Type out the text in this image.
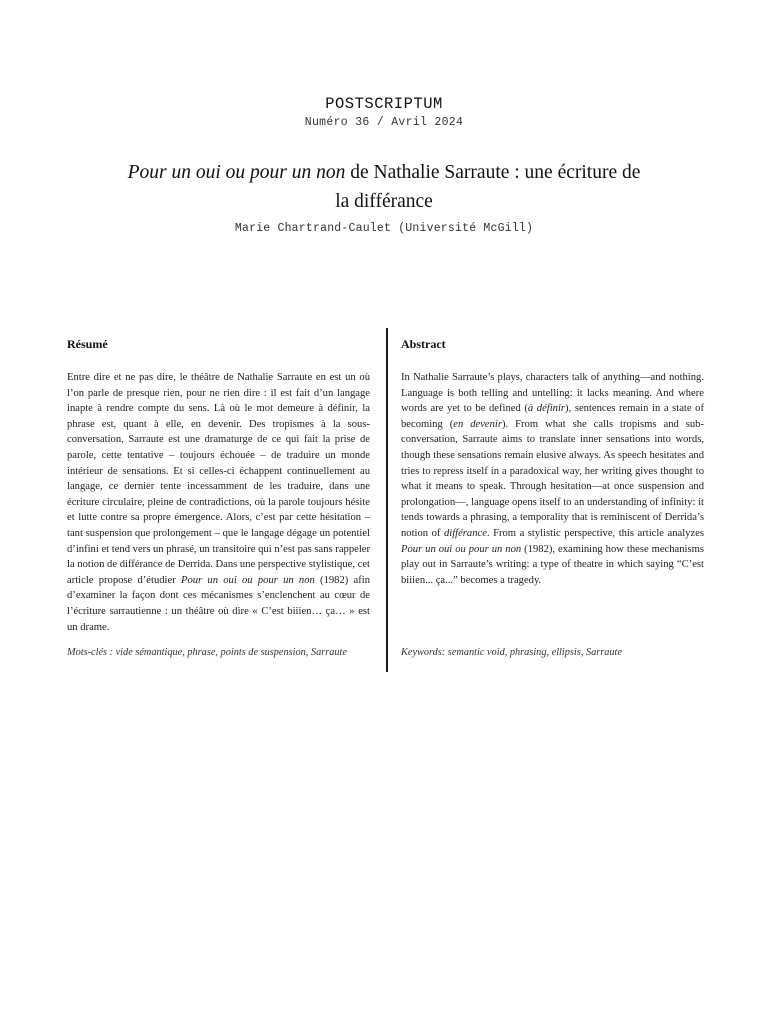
POSTSCRIPTUM
Numéro 36 / Avril 2024
Pour un oui ou pour un non de Nathalie Sarraute : une écriture de la différance
Marie Chartrand-Caulet (Université McGill)
Résumé

Entre dire et ne pas dire, le théâtre de Nathalie Sarraute en est un où l’on parle de presque rien, pour ne rien dire : il est fait d’un langage inapte à rendre compte du sens. Là où le mot demeure à définir, la phrase est, quant à elle, en devenir. Des tropismes à la sous-conversation, Sarraute est une dramaturge de ce qui fait la prise de parole, cette tentative – toujours échouée – de traduire un monde intérieur de sensations. Et si celles-ci échappent continuellement au langage, ce dernier tente incessamment de les traduire, dans une écriture circulaire, pleine de contradictions, où la parole toujours hésite et lutte contre sa propre émergence. Alors, c’est par cette hésitation – tant suspension que prolongement – que le langage dégage un potentiel d’infini et tend vers un phrasé, un transitoire qui n’est pas sans rappeler la notion de différance de Derrida. Dans une perspective stylistique, cet article propose d’étudier Pour un oui ou pour un non (1982) afin d’examiner la façon dont ces mécanismes s’enclenchent au cœur de l’écriture sarrautienne : un théâtre où dire « C’est biiien… ça… » est un drame.

Mots-clés : vide sémantique, phrase, points de suspension, Sarraute
Abstract

In Nathalie Sarraute’s plays, characters talk of anything—and nothing. Language is both telling and untelling: it lacks meaning. And where words are yet to be defined (à définir), sentences remain in a state of becoming (en devenir). From what she calls tropisms and sub-conversation, Sarraute aims to translate inner sensations into words, though these sensations remain elusive always. As speech hesitates and tries to repress itself in a paradoxical way, her writing gives thought to what it means to speak. Through hesitation—at once suspension and prolongation—, language opens itself to an understanding of infinity: it tends towards a phrasing, a temporality that is reminiscent of Derrida’s notion of différance. From a stylistic perspective, this article analyzes Pour un oui ou pour un non (1982), examining how these mechanisms play out in Sarraute’s writing: a type of theatre in which saying “C’est biiien... ça...” becomes a tragedy.

Keywords: semantic void, phrasing, ellipsis, Sarraute
